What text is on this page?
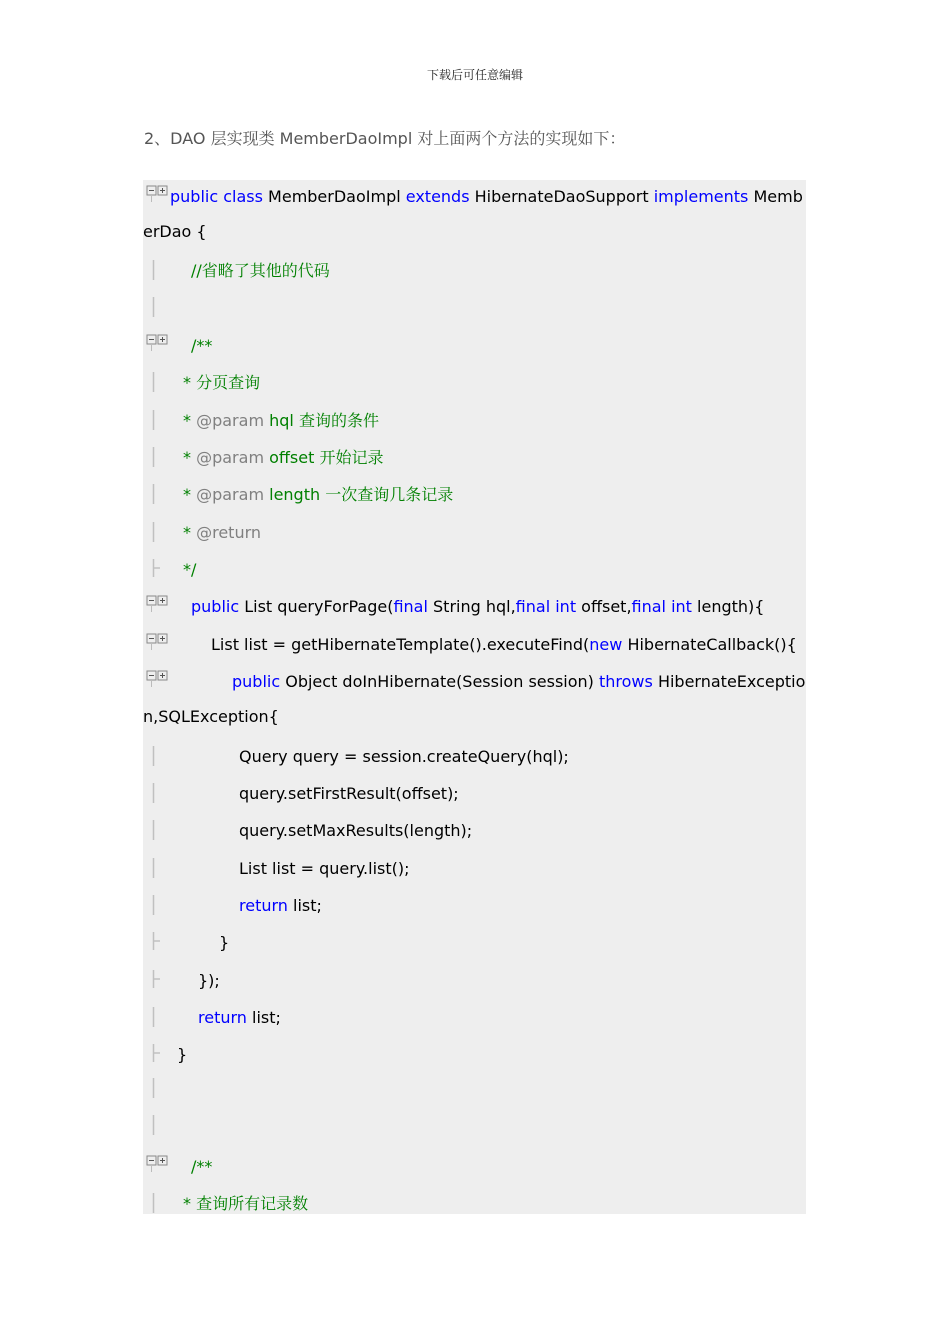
下载后可任意编辑
2、DAO 层实现类 MemberDaoImpl 对上面两个方法的实现如下：
public class MemberDaoImpl extends HibernateDaoSupport implements Memb
erDao {
//省略了其他的代码
/**
* 分页查询
* @param hql 查询的条件
* @param offset 开始记录
* @param length 一次查询几条记录
* @return
*/
public List queryForPage(final String hql,final int offset,final int length){
List list = getHibernateTemplate().executeFind(new HibernateCallback(){
public Object doInHibernate(Session session) throws HibernateExceptio
n,SQLException{
Query query = session.createQuery(hql);
query.setFirstResult(offset);
query.setMaxResults(length);
List list = query.list();
return list;
}
});
return list;
}
/**
* 查询所有记录数
